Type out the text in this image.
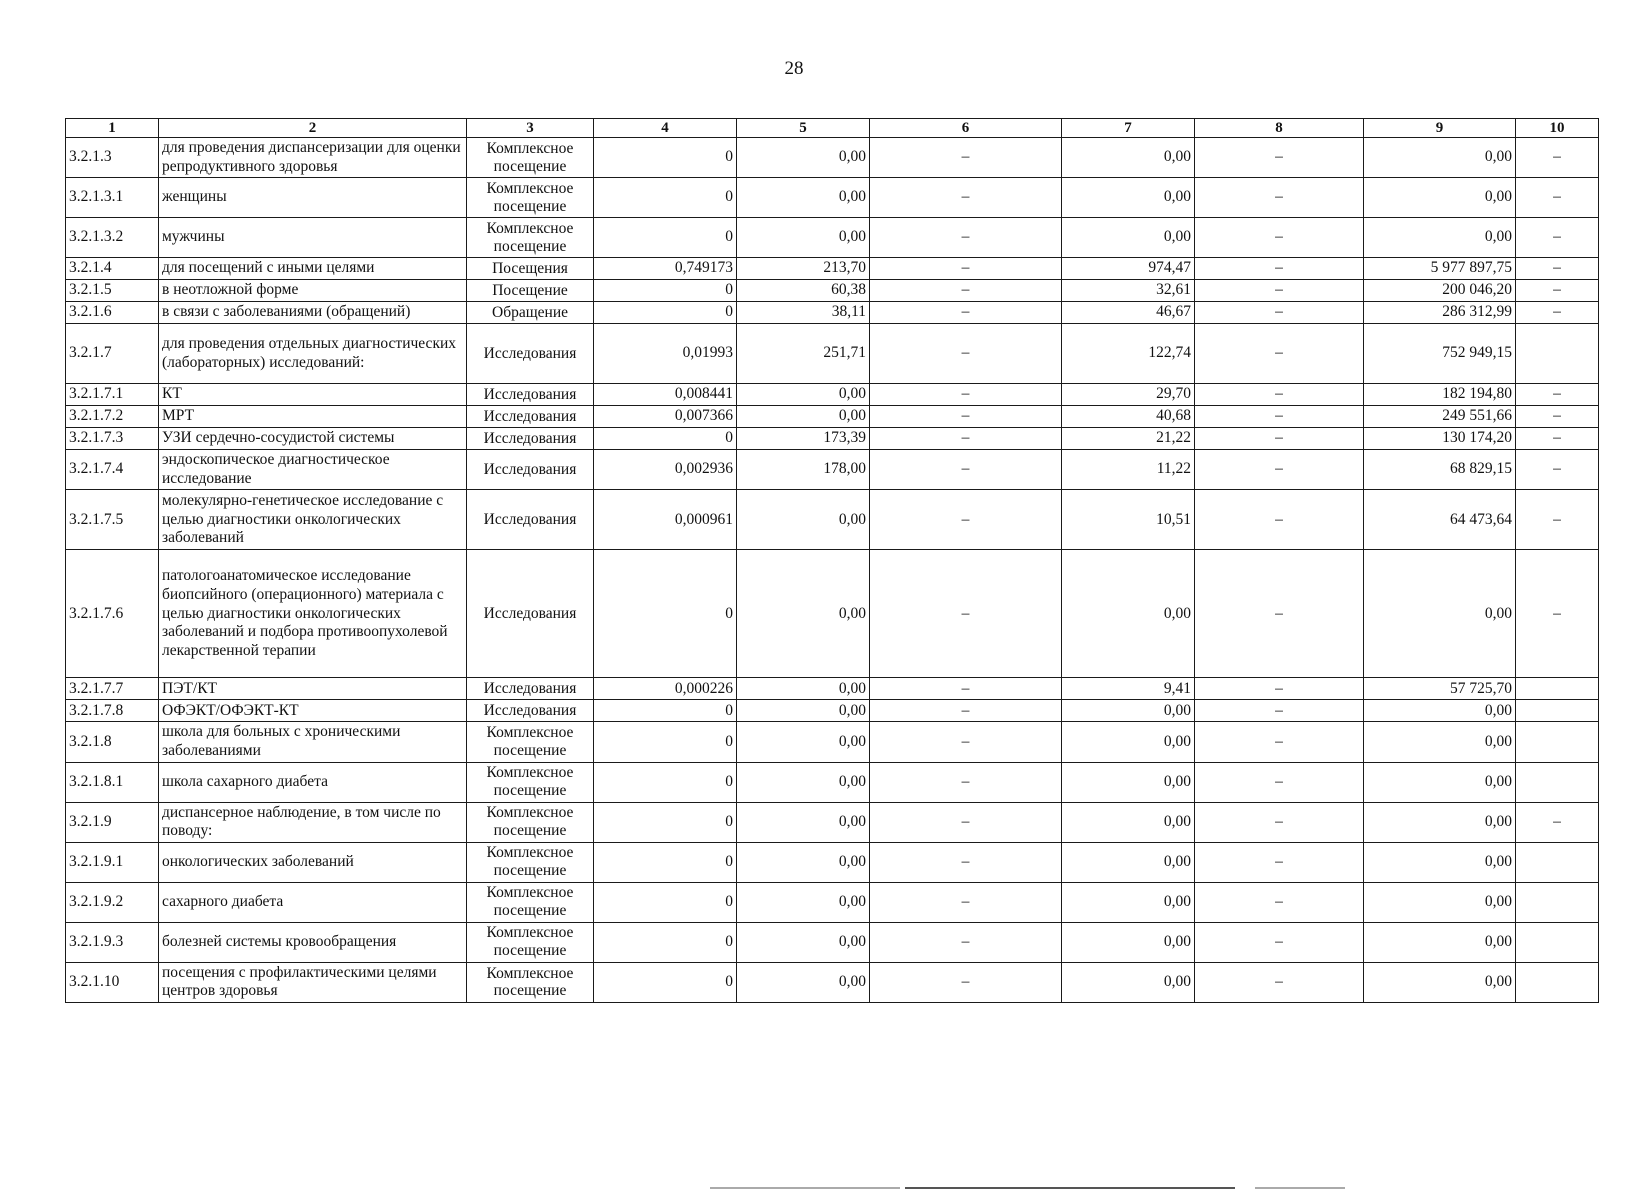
28
1	2	3	4	5	6	7	8	9	10
3.2.1.3	для проведения диспансеризации для оценки репродуктивного здоровья	Комплексное посещение	0	0,00	–	0,00	–	0,00	–
3.2.1.3.1	женщины	Комплексное посещение	0	0,00	–	0,00	–	0,00	–
3.2.1.3.2	мужчины	Комплексное посещение	0	0,00	–	0,00	–	0,00	–
3.2.1.4	для посещений с иными целями	Посещения	0,749173	213,70	–	974,47	–	5 977 897,75	–
3.2.1.5	в неотложной форме	Посещение	0	60,38	–	32,61	–	200 046,20	–
3.2.1.6	в связи с заболеваниями (обращений)	Обращение	0	38,11	–	46,67	–	286 312,99	–
3.2.1.7	для проведения отдельных диагностических (лабораторных) исследований:	Исследования	0,01993	251,71	–	122,74	–	752 949,15	
3.2.1.7.1	КТ	Исследования	0,008441	0,00	–	29,70	–	182 194,80	–
3.2.1.7.2	МРТ	Исследования	0,007366	0,00	–	40,68	–	249 551,66	–
3.2.1.7.3	УЗИ сердечно-сосудистой системы	Исследования	0	173,39	–	21,22	–	130 174,20	–
3.2.1.7.4	эндоскопическое диагностическое исследование	Исследования	0,002936	178,00	–	11,22	–	68 829,15	–
3.2.1.7.5	молекулярно-генетическое исследование с целью диагностики онкологических заболеваний	Исследования	0,000961	0,00	–	10,51	–	64 473,64	–
3.2.1.7.6	патологоанатомическое исследование биопсийного (операционного) материала с целью диагностики онкологических заболеваний и подбора противоопухолевой лекарственной терапии	Исследования	0	0,00	–	0,00	–	0,00	–
3.2.1.7.7	ПЭТ/КТ	Исследования	0,000226	0,00	–	9,41	–	57 725,70	
3.2.1.7.8	ОФЭКТ/ОФЭКТ-КТ	Исследования	0	0,00	–	0,00	–	0,00	
3.2.1.8	школа для больных с хроническими заболеваниями	Комплексное посещение	0	0,00	–	0,00	–	0,00	
3.2.1.8.1	школа сахарного диабета	Комплексное посещение	0	0,00	–	0,00	–	0,00	
3.2.1.9	диспансерное наблюдение, в том числе по поводу:	Комплексное посещение	0	0,00	–	0,00	–	0,00	–
3.2.1.9.1	онкологических заболеваний	Комплексное посещение	0	0,00	–	0,00	–	0,00	
3.2.1.9.2	сахарного диабета	Комплексное посещение	0	0,00	–	0,00	–	0,00	
3.2.1.9.3	болезней системы кровообращения	Комплексное посещение	0	0,00	–	0,00	–	0,00	
3.2.1.10	посещения с профилактическими целями центров здоровья	Комплексное посещение	0	0,00	–	0,00	–	0,00	
